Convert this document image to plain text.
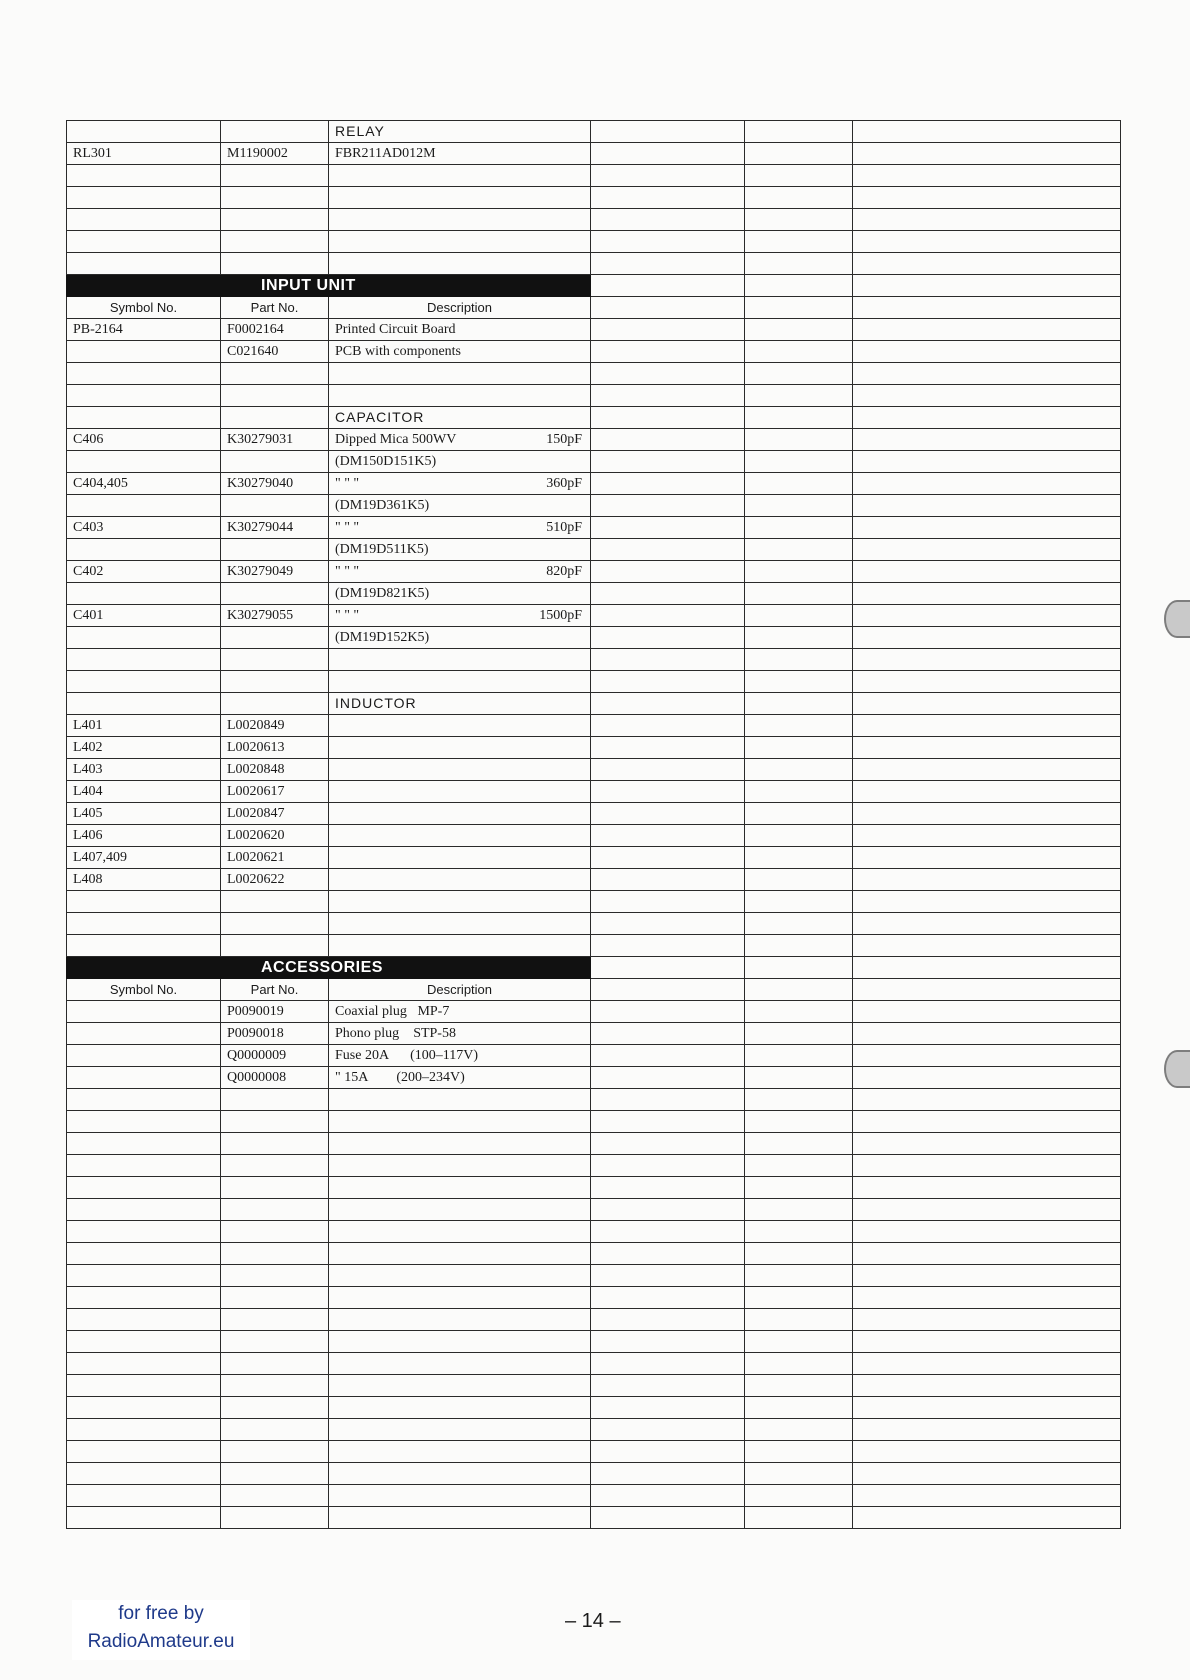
		RELAY			
RL301	M1190002	FBR211AD012M			

INPUT UNIT					

Symbol No.	Part No.	Description			
PB-2164	F0002164	Printed Circuit Board			
	C021640	PCB with components			

		CAPACITOR			
C406	K30279031	Dipped Mica 500WV 150pF			

		(DM150D151K5)			
C404,405	K30279040	" " " 360pF			

		(DM19D361K5)			
C403	K30279044	" " " 510pF			

		(DM19D511K5)			
C402	K30279049	" " " 820pF			

		(DM19D821K5)			
C401	K30279055	" " " 1500pF			

		(DM19D152K5)			

		INDUCTOR			
L401	L0020849				
L402	L0020613				
L403	L0020848				
L404	L0020617				
L405	L0020847				
L406	L0020620				
L407,409	L0020621				
L408	L0020622				

ACCESSORIES					

Symbol No.	Part No.	Description			
	P0090019	Coaxial plug MP-7			
	P0090018	Phono plug STP-58			
	Q0000009	Fuse 20A (100–117V)			
	Q0000008	" 15A (200–234V)			

for free by
RadioAmateur.eu
– 14 –
